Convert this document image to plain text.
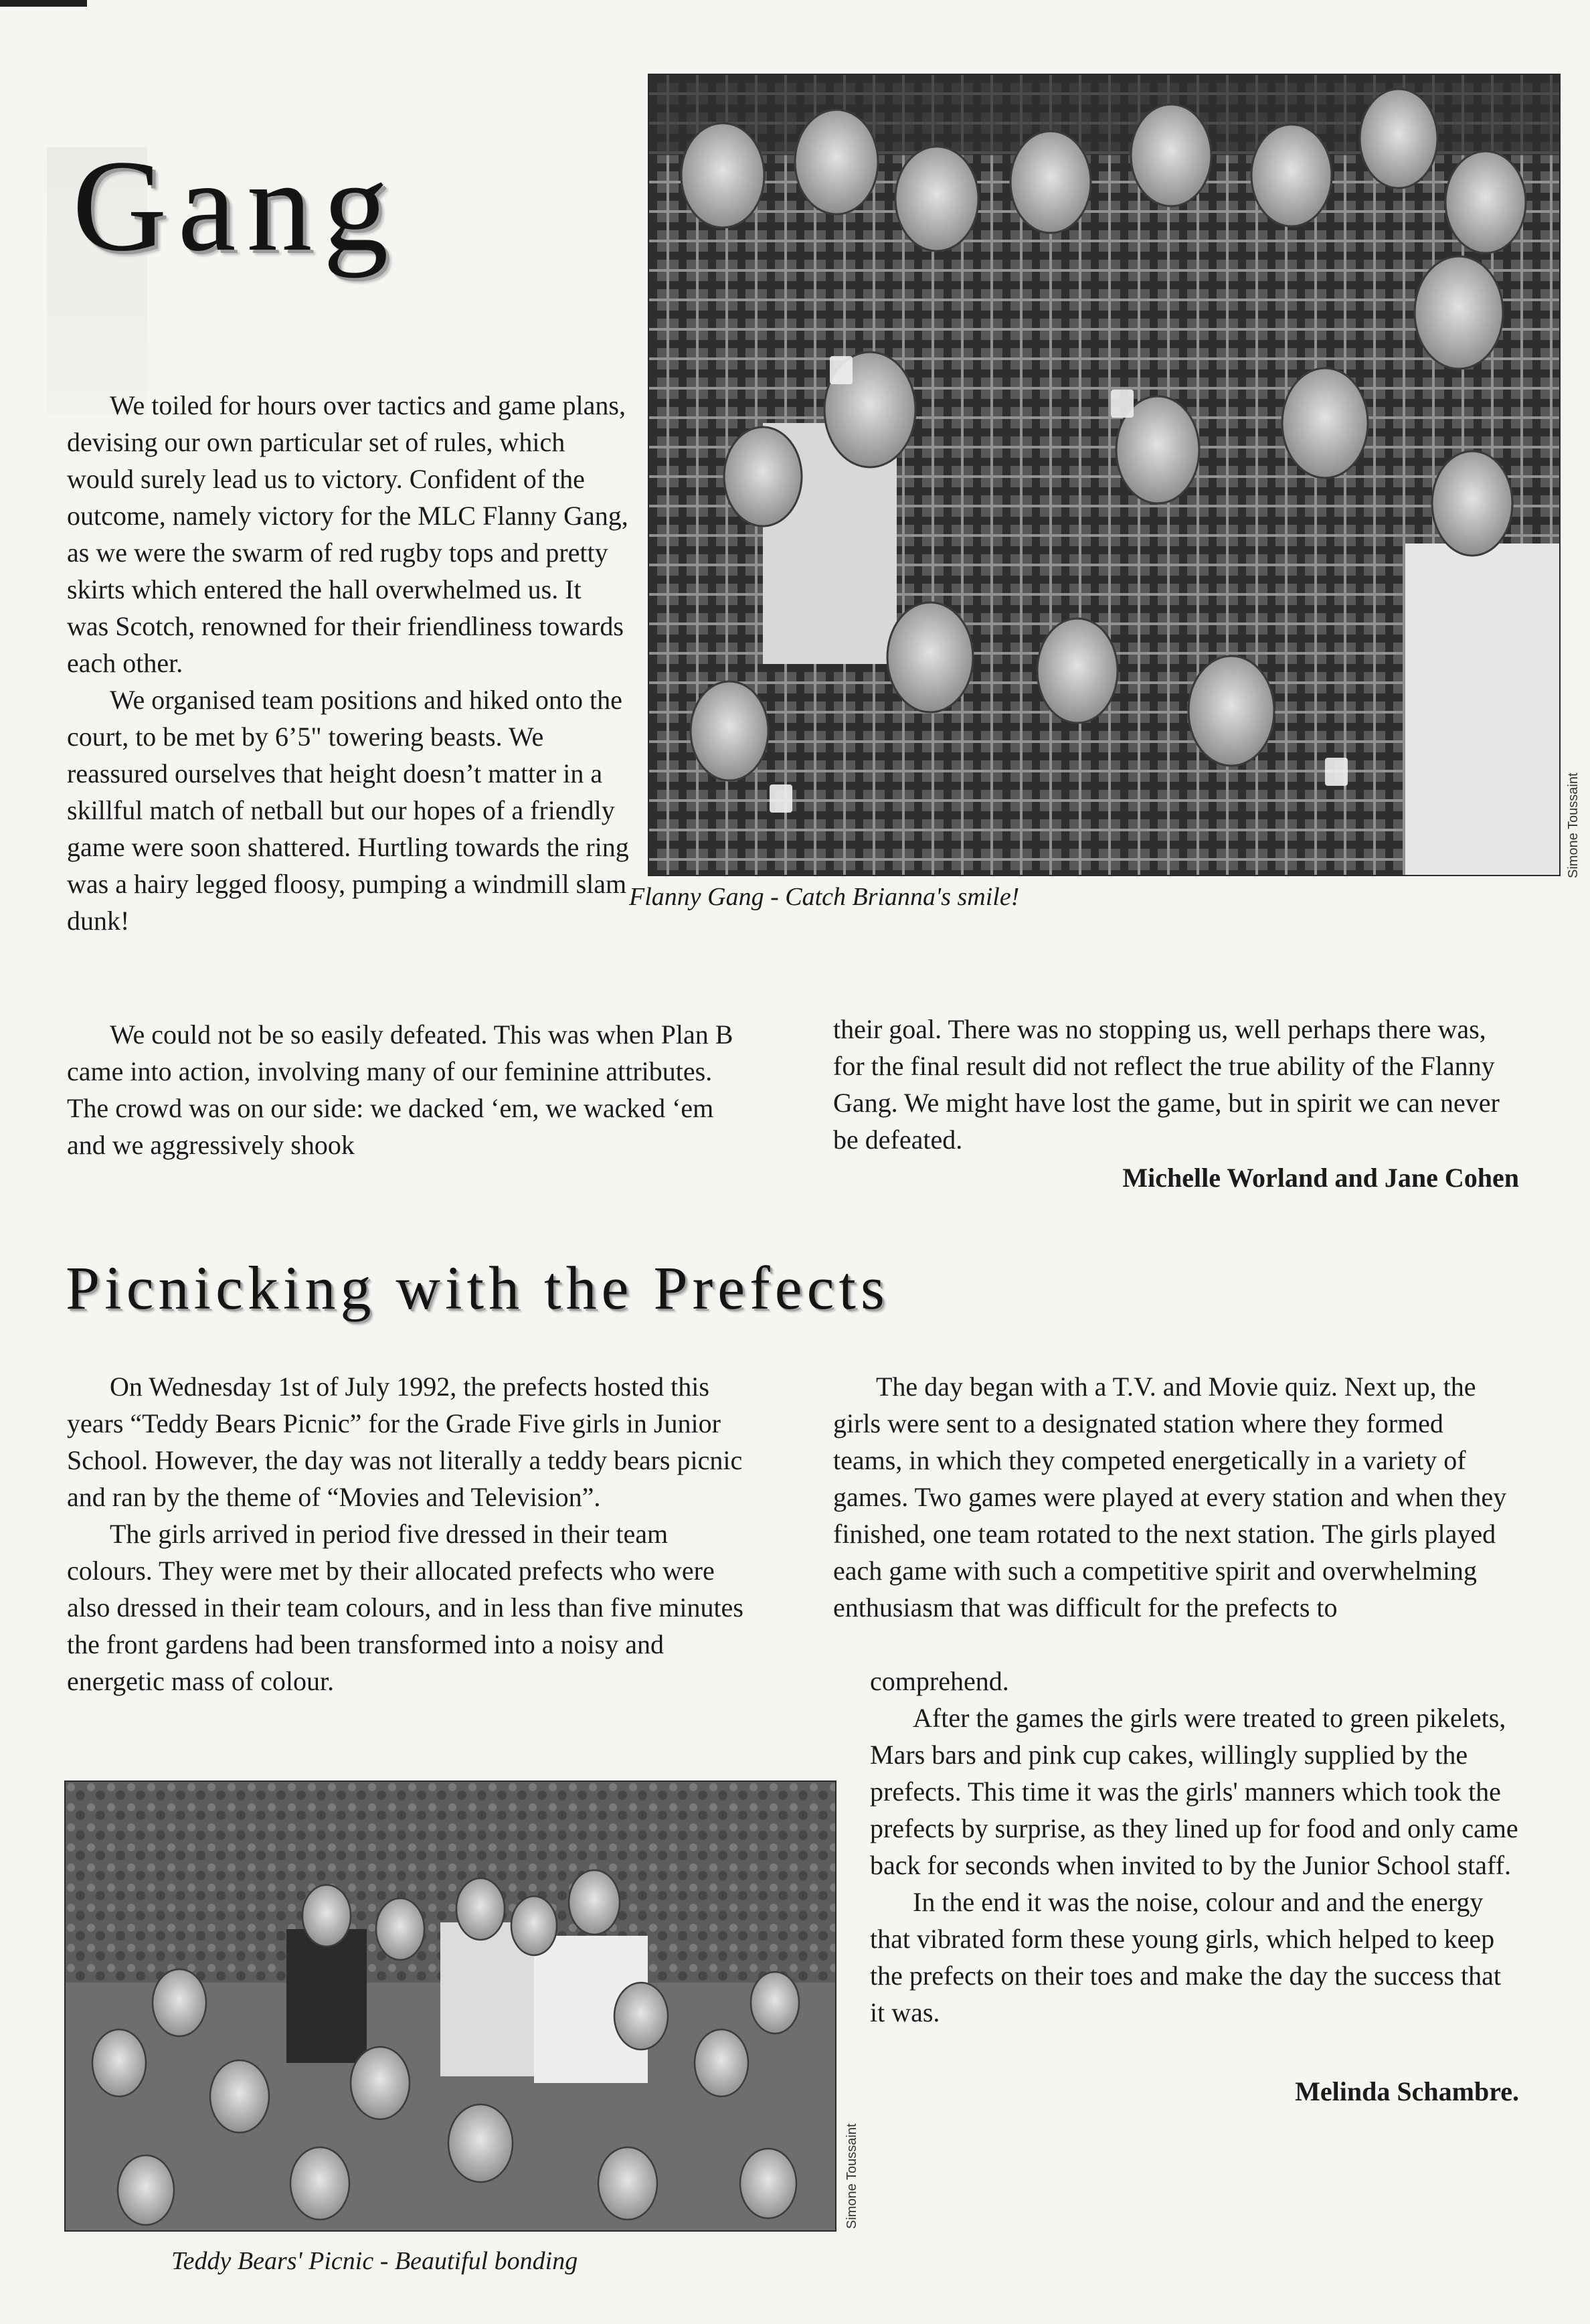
Gang

We toiled for hours over tactics and game plans, devising our own particular set of rules, which would surely lead us to victory. Confident of the outcome, namely victory for the MLC Flanny Gang, as we were the swarm of red rugby tops and pretty skirts which entered the hall overwhelmed us. It was Scotch, renowned for their friendliness towards each other.

We organised team positions and hiked onto the court, to be met by 6’5" towering beasts. We reassured ourselves that height doesn’t matter in a skillful match of netball but our hopes of a friendly game were soon shattered. Hurtling towards the ring was a hairy legged floosy, pumping a windmill slam dunk!

Simone Toussaint
Flanny Gang - Catch Brianna's smile!

We could not be so easily defeated. This was when Plan B came into action, involving many of our feminine attributes. The crowd was on our side: we dacked ‘em, we wacked ‘em and we aggressively shook

their goal. There was no stopping us, well perhaps there was, for the final result did not reflect the true ability of the Flanny Gang. We might have lost the game, but in spirit we can never be defeated.

Michelle Worland and Jane Cohen
Picnicking with the Prefects

On Wednesday 1st of July 1992, the prefects hosted this years “Teddy Bears Picnic” for the Grade Five girls in Junior School. However, the day was not literally a teddy bears picnic and ran by the theme of “Movies and Television”.

The girls arrived in period five dressed in their team colours. They were met by their allocated prefects who were also dressed in their team colours, and in less than five minutes the front gardens had been transformed into a noisy and energetic mass of colour.

The day began with a T.V. and Movie quiz. Next up, the girls were sent to a designated station where they formed teams, in which they competed energetically in a variety of games. Two games were played at every station and when they finished, one team rotated to the next station. The girls played each game with such a competitive spirit and overwhelming enthusiasm that was difficult for the prefects to

comprehend.

After the games the girls were treated to green pikelets, Mars bars and pink cup cakes, willingly supplied by the prefects. This time it was the girls' manners which took the prefects by surprise, as they lined up for food and only came back for seconds when invited to by the Junior School staff.

In the end it was the noise, colour and and the energy that vibrated form these young girls, which helped to keep the prefects on their toes and make the day the success that it was.

Melinda Schambre.
Simone Toussaint
Teddy Bears' Picnic - Beautiful bonding
